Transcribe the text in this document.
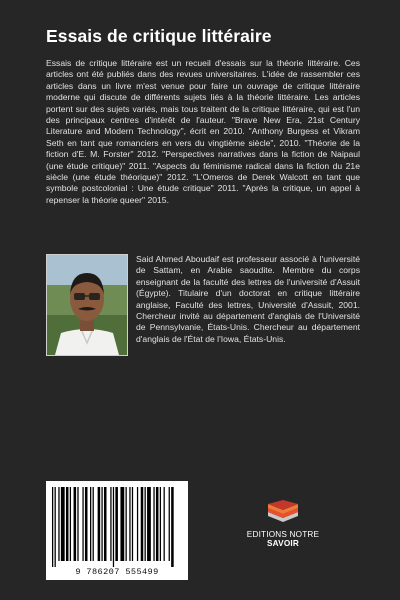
Essais de critique littéraire
Essais de critique littéraire est un recueil d'essais sur la théorie littéraire. Ces articles ont été publiés dans des revues universitaires. L'idée de rassembler ces articles dans un livre m'est venue pour faire un ouvrage de critique littéraire moderne qui discute de différents sujets liés à la théorie littéraire. Les articles portent sur des sujets variés, mais tous traitent de la critique littéraire, qui est l'un des principaux centres d'intérêt de l'auteur. "Brave New Era, 21st Century Literature and Modern Technology", écrit en 2010. "Anthony Burgess et Vikram Seth en tant que romanciers en vers du vingtième siècle", 2010. "Théorie de la fiction d'E. M. Forster" 2012. "Perspectives narratives dans la fiction de Naipaul (une étude critique)" 2011. "Aspects du féminisme radical dans la fiction du 21e siècle (une étude théorique)" 2012. "L'Omeros de Derek Walcott en tant que symbole postcolonial : Une étude critique" 2011. "Après la critique, un appel à repenser la théorie queer" 2015.
Said Ahmed Aboudaif est professeur associé à l'université de Sattam, en Arabie saoudite. Membre du corps enseignant de la faculté des lettres de l'université d'Assuit (Égypte). Titulaire d'un doctorat en critique littéraire anglaise, Faculté des lettres, Université d'Assuit, 2001. Chercheur invité au département d'anglais de l'Université de Pennsylvanie, États-Unis. Chercheur au département d'anglais de l'État de l'Iowa, États-Unis.
9 786207 555499
EDITIONS NOTRE SAVOIR
